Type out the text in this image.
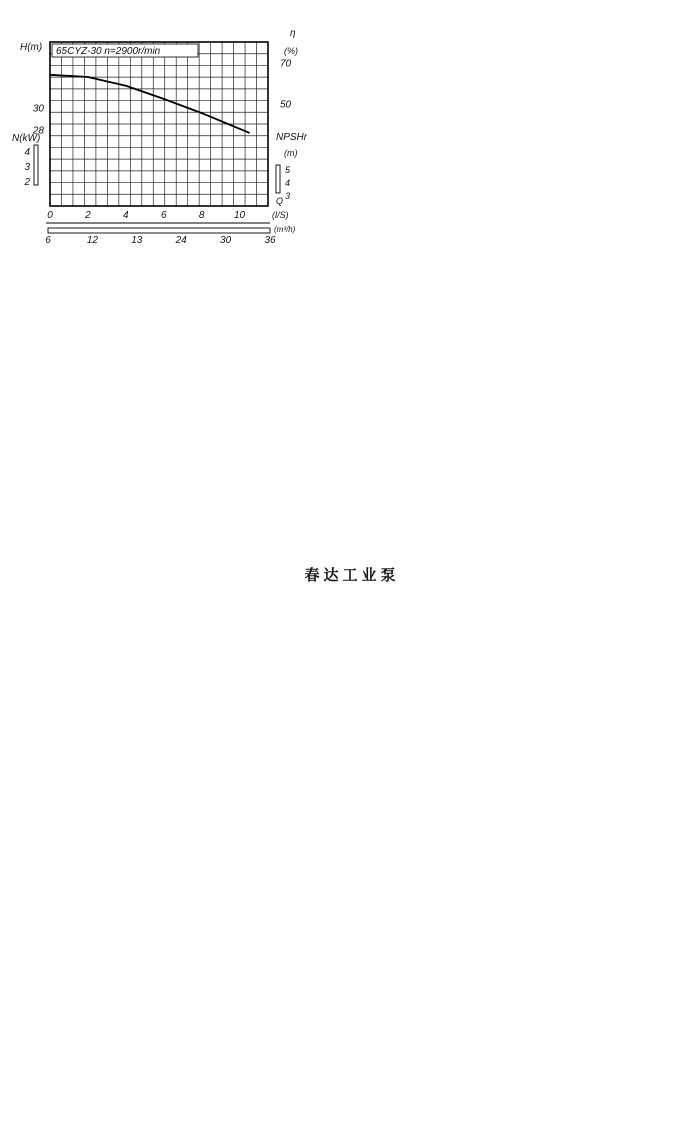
春达工业泵
65CYZ-30 n=2900r/min
0	2	4	6	8	10	(l/S)
6	12	13	24	30	36
(m³/h)
H(m)
30
28
N(kW)
4
3
2
η
(%)
70
50
NPSHr
(m)
5
4
3
Q
